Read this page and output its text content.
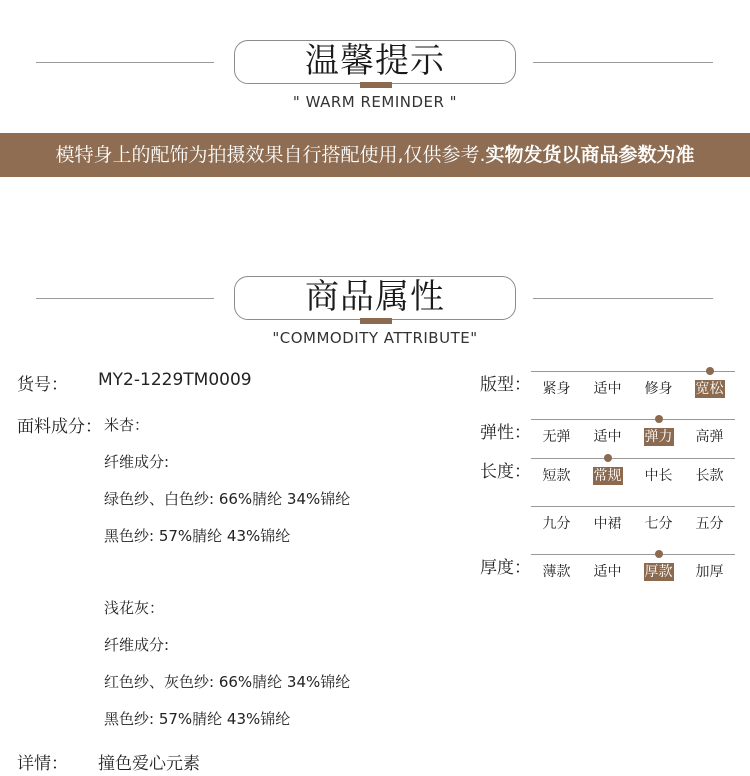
温馨提示
" WARM REMINDER "
模特身上的配饰为拍摄效果自行搭配使用,仅供参考.实物发货以商品参数为准
商品属性
"COMMODITY ATTRIBUTE"
货号： MY2-1229TM0009
面料成分： 米杏：
纤维成分:
绿色纱、白色纱: 66%腈纶 34%锦纶
黑色纱: 57%腈纶 43%锦纶
浅花灰：
纤维成分:
红色纱、灰色纱: 66%腈纶 34%锦纶
黑色纱: 57%腈纶 43%锦纶
详情： 撞色爱心元素
版型： 紧身	适中	修身	宽松
弹性： 无弹	适中	弹力	高弹
长度： 短款	常规	中长	长款
九分	中裙	七分	五分
厚度： 薄款	适中	厚款	加厚
